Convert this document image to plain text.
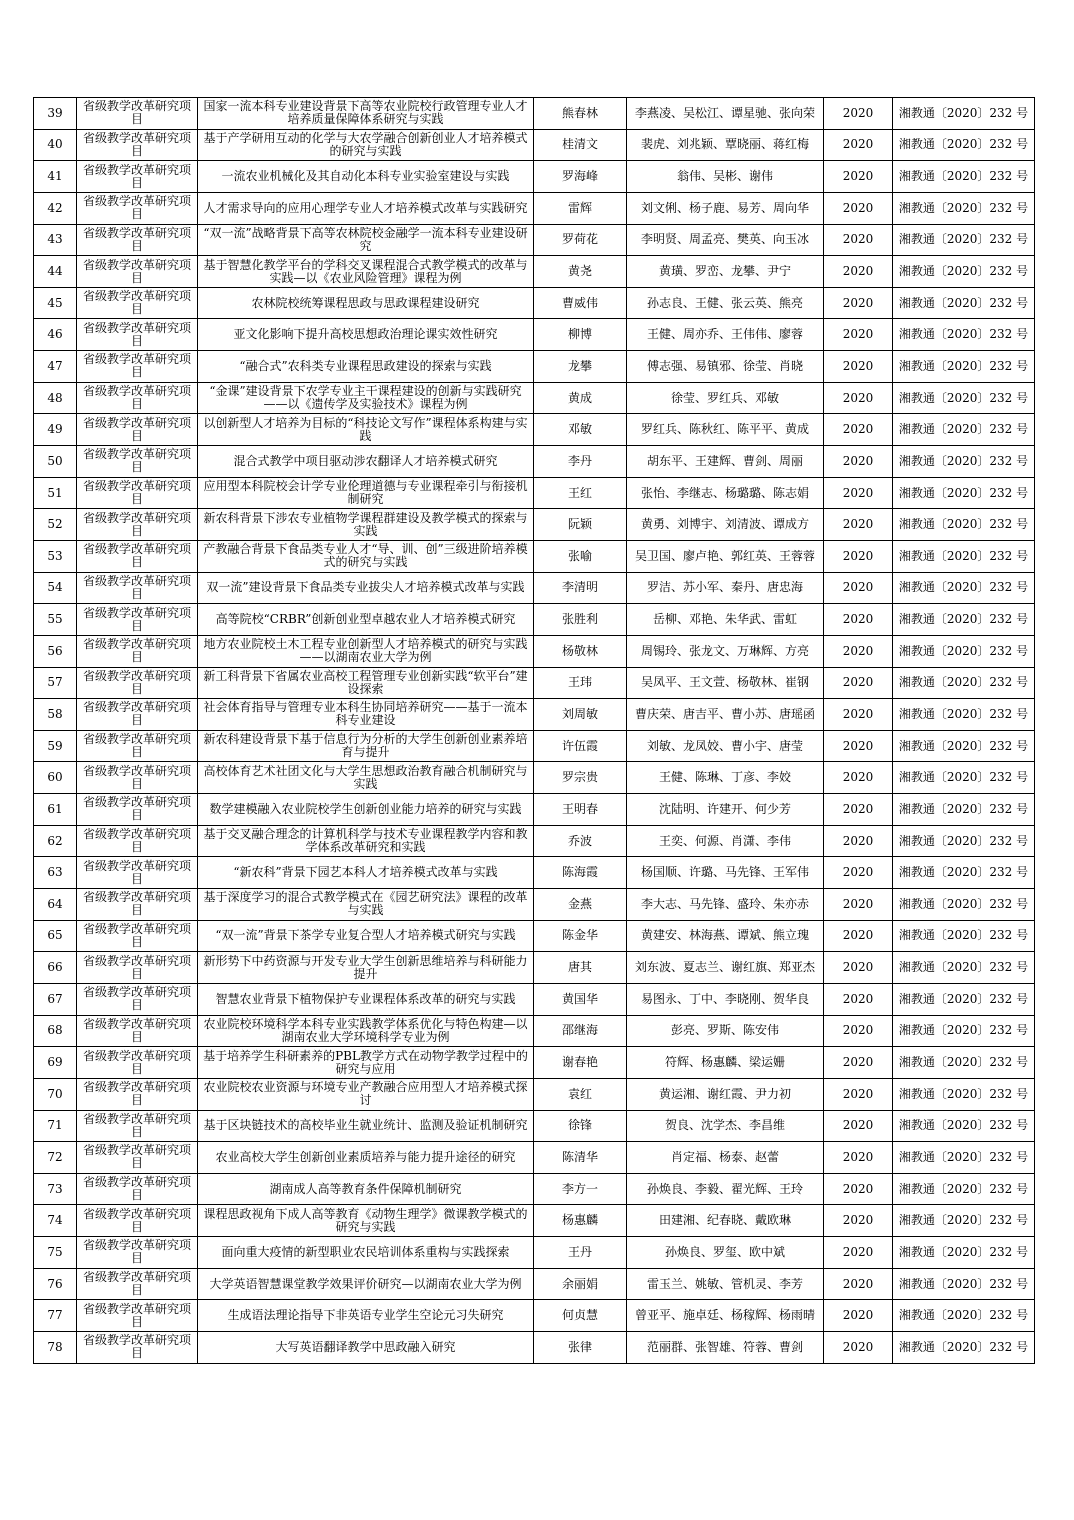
39	省级教学改革研究项目	国家一流本科专业建设背景下高等农业院校行政管理专业人才培养质量保障体系研究与实践	熊春林	李燕凌、吴松江、谭星驰、张向荣	2020	湘教通〔2020〕232 号
40	省级教学改革研究项目	基于产学研用互动的化学与大农学融合创新创业人才培养模式的研究与实践	桂清文	裴虎、刘兆颖、覃晓丽、蒋红梅	2020	湘教通〔2020〕232 号
41	省级教学改革研究项目	一流农业机械化及其自动化本科专业实验室建设与实践	罗海峰	翁伟、吴彬、谢伟	2020	湘教通〔2020〕232 号
42	省级教学改革研究项目	人才需求导向的应用心理学专业人才培养模式改革与实践研究	雷辉	刘文俐、杨子鹿、易芳、周向华	2020	湘教通〔2020〕232 号
43	省级教学改革研究项目	“双一流”战略背景下高等农林院校金融学一流本科专业建设研究	罗荷花	李明贤、周孟亮、樊英、向玉冰	2020	湘教通〔2020〕232 号
44	省级教学改革研究项目	基于智慧化教学平台的学科交叉课程混合式教学模式的改革与实践—以《农业风险管理》课程为例	黄尧	黄璜、罗峦、龙攀、尹宁	2020	湘教通〔2020〕232 号
45	省级教学改革研究项目	农林院校统筹课程思政与思政课程建设研究	曹威伟	孙志良、王健、张云英、熊亮	2020	湘教通〔2020〕232 号
46	省级教学改革研究项目	亚文化影响下提升高校思想政治理论课实效性研究	柳博	王健、周亦乔、王伟伟、廖蓉	2020	湘教通〔2020〕232 号
47	省级教学改革研究项目	“融合式”农科类专业课程思政建设的探索与实践	龙攀	傅志强、易镇邪、徐莹、肖晓	2020	湘教通〔2020〕232 号
48	省级教学改革研究项目	“金课”建设背景下农学专业主干课程建设的创新与实践研究——以《遗传学及实验技术》课程为例	黄成	徐莹、罗红兵、邓敏	2020	湘教通〔2020〕232 号
49	省级教学改革研究项目	以创新型人才培养为目标的“科技论文写作”课程体系构建与实践	邓敏	罗红兵、陈秋红、陈平平、黄成	2020	湘教通〔2020〕232 号
50	省级教学改革研究项目	混合式教学中项目驱动涉农翻译人才培养模式研究	李丹	胡东平、王建辉、曹剑、周丽	2020	湘教通〔2020〕232 号
51	省级教学改革研究项目	应用型本科院校会计学专业伦理道德与专业课程牵引与衔接机制研究	王红	张怡、李继志、杨璐璐、陈志娟	2020	湘教通〔2020〕232 号
52	省级教学改革研究项目	新农科背景下涉农专业植物学课程群建设及教学模式的探索与实践	阮颖	黄勇、刘博宇、刘清波、谭成方	2020	湘教通〔2020〕232 号
53	省级教学改革研究项目	产教融合背景下食品类专业人才“导、训、创”三级进阶培养模式的研究与实践	张喻	吴卫国、廖卢艳、郭红英、王蓉蓉	2020	湘教通〔2020〕232 号
54	省级教学改革研究项目	双一流”建设背景下食品类专业拔尖人才培养模式改革与实践	李清明	罗洁、苏小军、秦丹、唐忠海	2020	湘教通〔2020〕232 号
55	省级教学改革研究项目	高等院校“CRBR”创新创业型卓越农业人才培养模式研究	张胜利	岳柳、邓艳、朱华武、雷虹	2020	湘教通〔2020〕232 号
56	省级教学改革研究项目	地方农业院校土木工程专业创新型人才培养模式的研究与实践——以湖南农业大学为例	杨敬林	周锡玲、张龙文、万琳辉、方亮	2020	湘教通〔2020〕232 号
57	省级教学改革研究项目	新工科背景下省属农业高校工程管理专业创新实践“软平台”建设探索	王玮	吴凤平、王文萱、杨敬林、崔钢	2020	湘教通〔2020〕232 号
58	省级教学改革研究项目	社会体育指导与管理专业本科生协同培养研究——基于一流本科专业建设	刘周敏	曹庆荣、唐吉平、曹小苏、唐瑶函	2020	湘教通〔2020〕232 号
59	省级教学改革研究项目	新农科建设背景下基于信息行为分析的大学生创新创业素养培育与提升	许伍霞	刘敏、龙凤姣、曹小宇、唐莹	2020	湘教通〔2020〕232 号
60	省级教学改革研究项目	高校体育艺术社团文化与大学生思想政治教育融合机制研究与实践	罗宗贵	王健、陈琳、丁彦、李姣	2020	湘教通〔2020〕232 号
61	省级教学改革研究项目	数学建模融入农业院校学生创新创业能力培养的研究与实践	王明春	沈陆明、许建开、何少芳	2020	湘教通〔2020〕232 号
62	省级教学改革研究项目	基于交叉融合理念的计算机科学与技术专业课程教学内容和教学体系改革研究和实践	乔波	王奕、何源、肖潇、李伟	2020	湘教通〔2020〕232 号
63	省级教学改革研究项目	“新农科”背景下园艺本科人才培养模式改革与实践	陈海霞	杨国顺、许璐、马先锋、王军伟	2020	湘教通〔2020〕232 号
64	省级教学改革研究项目	基于深度学习的混合式教学模式在《园艺研究法》课程的改革与实践	金燕	李大志、马先锋、盛玲、朱亦赤	2020	湘教通〔2020〕232 号
65	省级教学改革研究项目	“双一流”背景下茶学专业复合型人才培养模式研究与实践	陈金华	黄建安、林海燕、谭斌、熊立瑰	2020	湘教通〔2020〕232 号
66	省级教学改革研究项目	新形势下中药资源与开发专业大学生创新思维培养与科研能力提升	唐其	刘东波、夏志兰、谢红旗、郑亚杰	2020	湘教通〔2020〕232 号
67	省级教学改革研究项目	智慧农业背景下植物保护专业课程体系改革的研究与实践	黄国华	易图永、丁中、李晓刚、贺华良	2020	湘教通〔2020〕232 号
68	省级教学改革研究项目	农业院校环境科学本科专业实践教学体系优化与特色构建—以湖南农业大学环境科学专业为例	邵继海	彭亮、罗斯、陈安伟	2020	湘教通〔2020〕232 号
69	省级教学改革研究项目	基于培养学生科研素养的PBL教学方式在动物学教学过程中的研究与应用	谢春艳	符辉、杨惠麟、梁运姗	2020	湘教通〔2020〕232 号
70	省级教学改革研究项目	农业院校农业资源与环境专业产教融合应用型人才培养模式探讨	袁红	黄运湘、谢红霞、尹力初	2020	湘教通〔2020〕232 号
71	省级教学改革研究项目	基于区块链技术的高校毕业生就业统计、监测及验证机制研究	徐锋	贺良、沈学杰、李昌维	2020	湘教通〔2020〕232 号
72	省级教学改革研究项目	农业高校大学生创新创业素质培养与能力提升途径的研究	陈清华	肖定福、杨泰、赵蕾	2020	湘教通〔2020〕232 号
73	省级教学改革研究项目	湖南成人高等教育条件保障机制研究	李方一	孙焕良、李毅、翟光辉、王玲	2020	湘教通〔2020〕232 号
74	省级教学改革研究项目	课程思政视角下成人高等教育《动物生理学》微课教学模式的研究与实践	杨惠麟	田建湘、纪春晓、戴欧琳	2020	湘教通〔2020〕232 号
75	省级教学改革研究项目	面向重大疫情的新型职业农民培训体系重构与实践探索	王丹	孙焕良、罗玺、欧中斌	2020	湘教通〔2020〕232 号
76	省级教学改革研究项目	大学英语智慧课堂教学效果评价研究—以湖南农业大学为例	余丽娟	雷玉兰、姚敏、管机灵、李芳	2020	湘教通〔2020〕232 号
77	省级教学改革研究项目	生成语法理论指导下非英语专业学生空论元习失研究	何贞慧	曾亚平、施卓廷、杨稼辉、杨雨晴	2020	湘教通〔2020〕232 号
78	省级教学改革研究项目	大写英语翻译教学中思政融入研究	张律	范丽群、张智雄、符蓉、曹剑	2020	湘教通〔2020〕232 号
